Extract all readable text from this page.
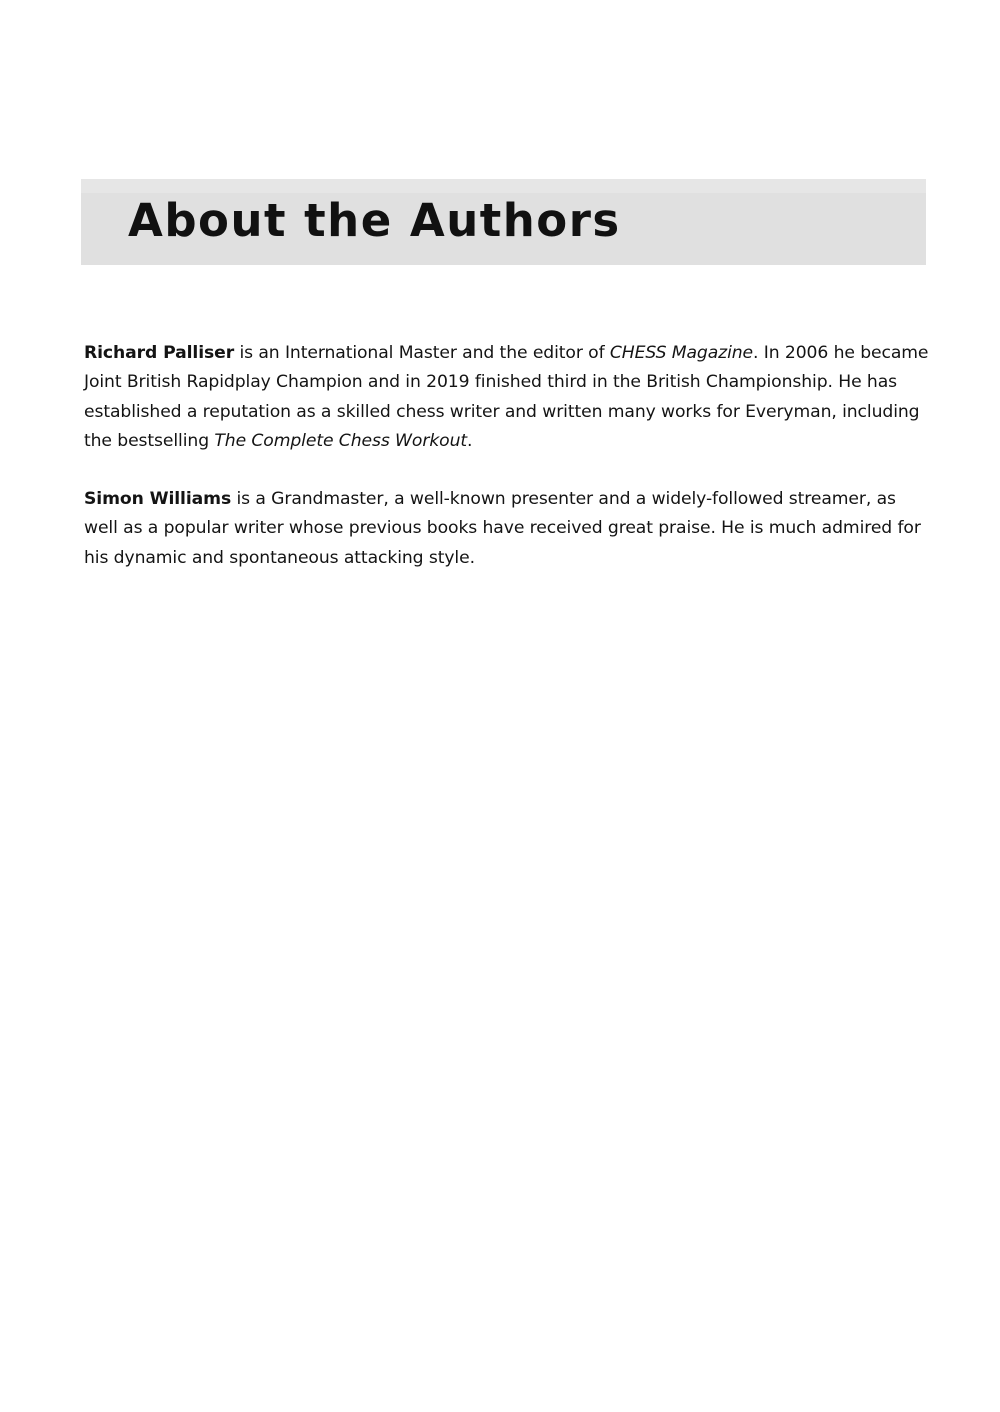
About the Authors

Richard Palliser is an International Master and the editor of CHESS Magazine. In 2006 he became Joint British Rapidplay Champion and in 2019 finished third in the British Championship. He has established a reputation as a skilled chess writer and written many works for Everyman, including the bestselling The Complete Chess Workout.

Simon Williams is a Grandmaster, a well-known presenter and a widely-followed streamer, as well as a popular writer whose previous books have received great praise. He is much admired for his dynamic and spontaneous attacking style.
